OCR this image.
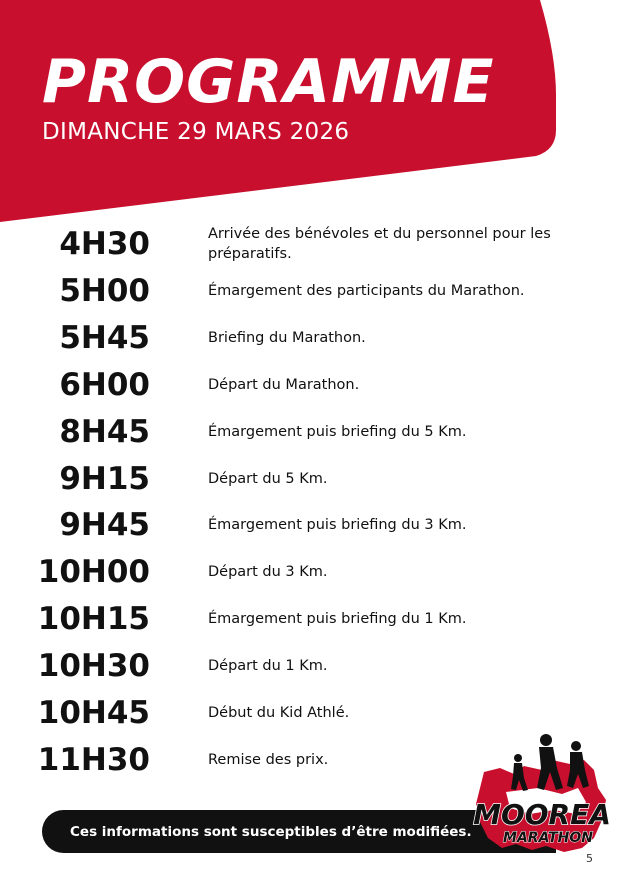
PROGRAMME
DIMANCHE 29 MARS 2026
4H30	Arrivée des bénévoles et du personnel pour les préparatifs.
5H00	Émargement des participants du Marathon.
5H45	Briefing du Marathon.
6H00	Départ du Marathon.
8H45	Émargement puis briefing du 5 Km.
9H15	Départ du 5 Km.
9H45	Émargement puis briefing du 3 Km.
10H00	Départ du 3 Km.
10H15	Émargement puis briefing du 1 Km.
10H30	Départ du 1 Km.
10H45	Début du Kid Athlé.
11H30	Remise des prix.
Ces informations sont susceptibles d’être modifiées.
MOOREA
MARATHON
5
